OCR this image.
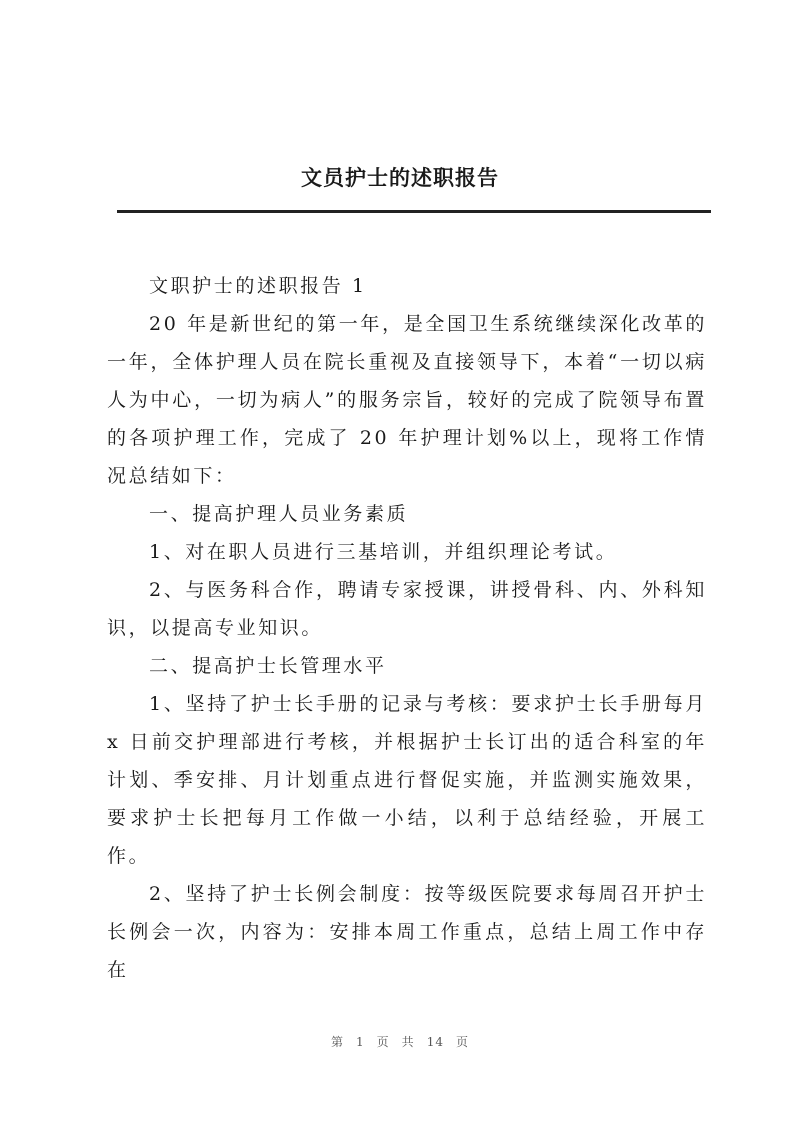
文员护士的述职报告

文职护士的述职报告 1

20 年是新世纪的第一年，是全国卫生系统继续深化改革的一年，全体护理人员在院长重视及直接领导下，本着“一切以病人为中心，一切为病人”的服务宗旨，较好的完成了院领导布置的各项护理工作，完成了 20 年护理计划%以上，现将工作情况总结如下：

一、提高护理人员业务素质

1、对在职人员进行三基培训，并组织理论考试。

2、与医务科合作，聘请专家授课，讲授骨科、内、外科知识，以提高专业知识。

二、提高护士长管理水平

1、坚持了护士长手册的记录与考核：要求护士长手册每月 x 日前交护理部进行考核，并根据护士长订出的适合科室的年计划、季安排、月计划重点进行督促实施，并监测实施效果，要求护士长把每月工作做一小结，以利于总结经验，开展工作。

2、坚持了护士长例会制度：按等级医院要求每周召开护士长例会一次，内容为：安排本周工作重点，总结上周工作中存在

第 1 页 共 14 页
